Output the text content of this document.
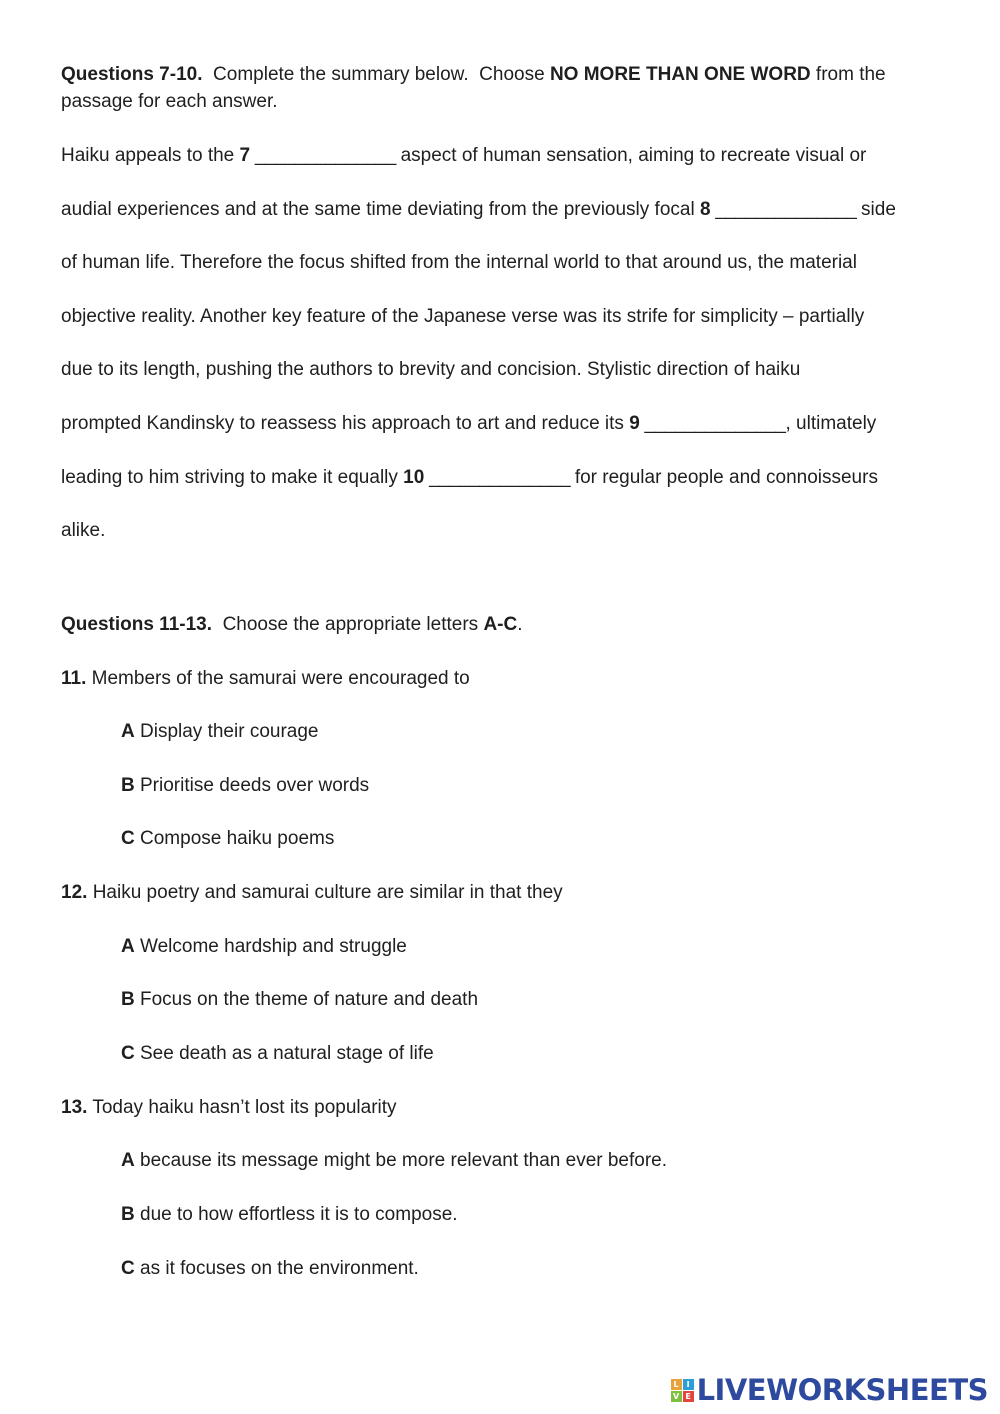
Questions 7-10.  Complete the summary below.  Choose NO MORE THAN ONE WORD from the
passage for each answer.
Haiku appeals to the 7 ______________ aspect of human sensation, aiming to recreate visual or
audial experiences and at the same time deviating from the previously focal 8 ______________ side
of human life. Therefore the focus shifted from the internal world to that around us, the material
objective reality. Another key feature of the Japanese verse was its strife for simplicity – partially
due to its length, pushing the authors to brevity and concision. Stylistic direction of haiku
prompted Kandinsky to reassess his approach to art and reduce its 9 ______________, ultimately
leading to him striving to make it equally 10 ______________ for regular people and connoisseurs
alike.
Questions 11-13.  Choose the appropriate letters A-C.
11. Members of the samurai were encouraged to
A Display their courage
B Prioritise deeds over words
C Compose haiku poems
12. Haiku poetry and samurai culture are similar in that they
A Welcome hardship and struggle
B Focus on the theme of nature and death
C See death as a natural stage of life
13. Today haiku hasn’t lost its popularity
A because its message might be more relevant than ever before.
B due to how effortless it is to compose.
C as it focuses on the environment.
L I
V E LIVEWORKSHEETS
